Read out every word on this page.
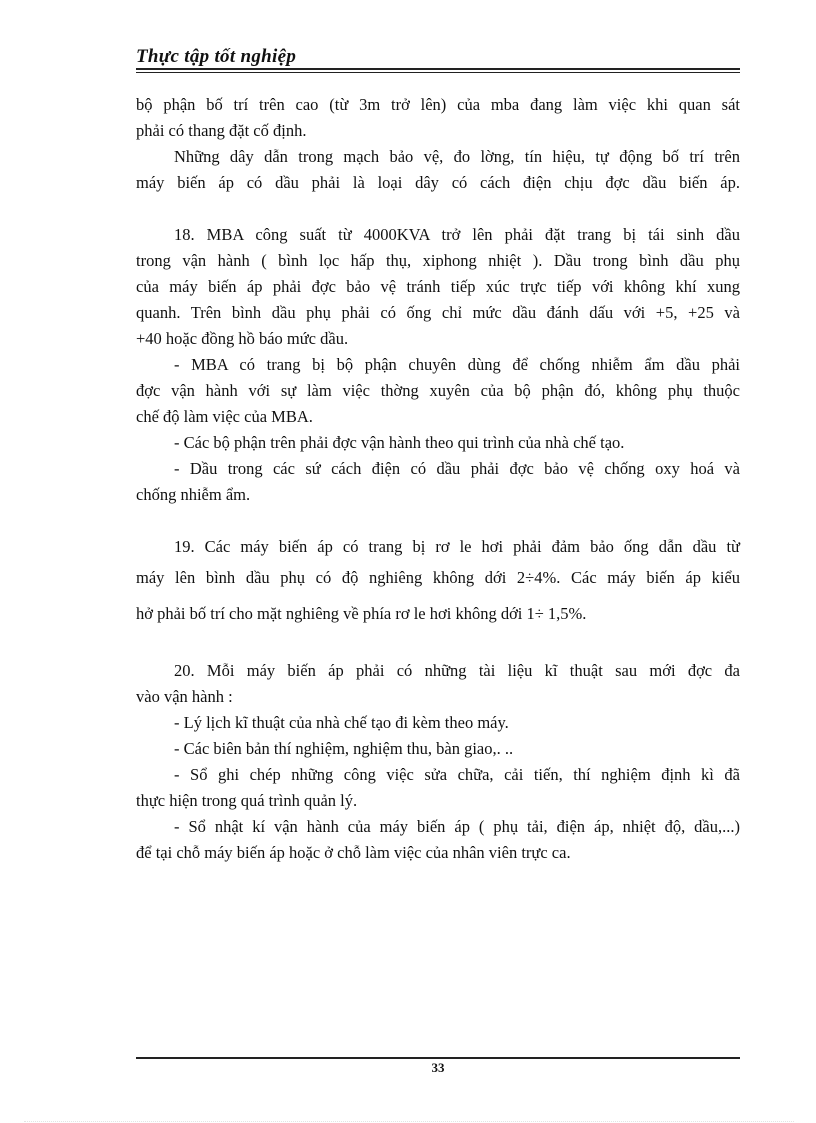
Thực tập tốt nghiệp

bộ phận bố trí trên cao (từ 3m trở lên) của mba đang làm việc khi quan sát

phải có thang đặt cố định.

Những dây dẫn trong mạch bảo vệ, đo lờng, tín hiệu, tự động bố trí trên

máy biến áp có dầu phải là loại dây có cách điện chịu đợc dầu biến áp.

18. MBA công suất từ 4000KVA trở lên phải đặt trang bị tái sinh dầu

trong vận hành ( bình lọc hấp thụ, xiphong nhiệt ). Dầu trong bình dầu phụ

của máy biến áp phải đợc bảo vệ tránh tiếp xúc trực tiếp với không khí xung

quanh. Trên bình dầu phụ phải có ống chỉ mức dầu đánh dấu với +5, +25 và

+40 hoặc đồng hồ báo mức dầu.

- MBA có trang bị bộ phận chuyên dùng để chống nhiễm ẩm dầu phải

đợc vận hành với sự làm việc thờng xuyên của bộ phận đó, không phụ thuộc

chế độ làm việc của MBA.

- Các bộ phận trên phải đợc vận hành theo qui trình của nhà chế tạo.

- Dầu trong các sứ cách điện có dầu phải đợc bảo vệ chống oxy hoá và

chống nhiễm ẩm.

19. Các máy biến áp có trang bị rơ le hơi phải đảm bảo ống dẫn dầu từ

máy lên bình dầu phụ có độ nghiêng không dới 2÷4%. Các máy biến áp kiểu

hở phải bố trí cho mặt nghiêng về phía rơ le hơi không dới 1÷ 1,5%.

20. Mỗi máy biến áp phải có những tài liệu kĩ thuật sau mới đợc đa

vào vận hành :

- Lý lịch kĩ thuật của nhà chế tạo đi kèm theo máy.

- Các biên bản thí nghiệm, nghiệm thu, bàn giao,. ..

- Sổ ghi chép những công việc sửa chữa, cải tiến, thí nghiệm định kì đã

thực hiện trong quá trình quản lý.

- Sổ nhật kí vận hành của máy biến áp ( phụ tải, điện áp, nhiệt độ, dầu,...)

để tại chỗ máy biến áp hoặc ở chỗ làm việc của nhân viên trực ca.

33
